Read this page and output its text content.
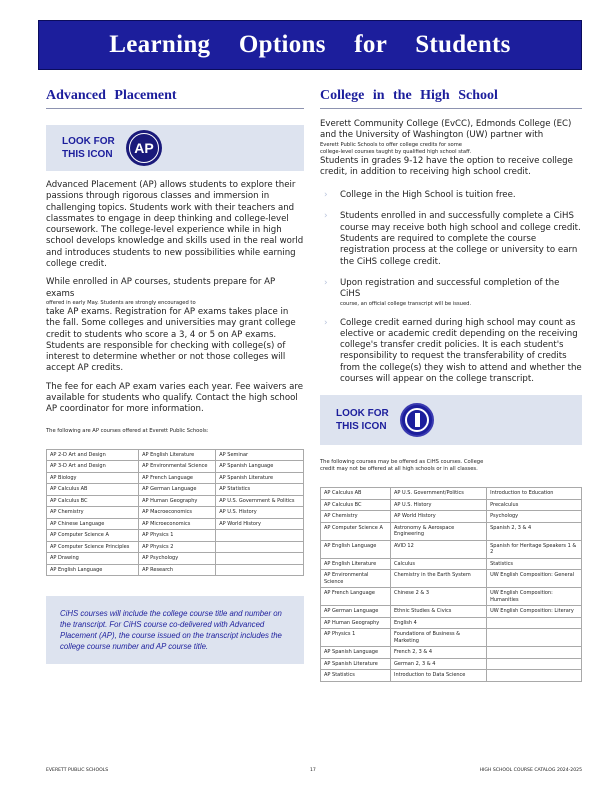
Learning Options for Students
Advanced Placement
LOOK FOR
THIS ICON	AP

Advanced Placement (AP) allows students to explore their passions through rigorous classes and immersion in challenging topics. Students work with their teachers and classmates to engage in deep thinking and college-level coursework. The college-level experience while in high school develops knowledge and skills used in the real world and introduces students to new possibilities while earning college credit.

While enrolled in AP courses, students prepare for AP exams
offered in early May. Students are strongly encouraged to
take AP exams. Registration for AP exams takes place in the fall. Some colleges and universities may grant college credit to students who score a 3, 4 or 5 on AP exams. Students are responsible for checking with college(s) of interest to determine whether or not those colleges will accept AP credits.

The fee for each AP exam varies each year. Fee waivers are available for students who qualify. Contact the high school AP coordinator for more information.

The following are AP courses offered at Everett Public Schools:
AP 2-D Art and Design	AP English Literature	AP Seminar
AP 3-D Art and Design	AP Environmental Science	AP Spanish Language
AP Biology	AP French Language	AP Spanish Literature
AP Calculus AB	AP German Language	AP Statistics
AP Calculus BC	AP Human Geography	AP U.S. Government & Politics
AP Chemistry	AP Macroeconomics	AP U.S. History
AP Chinese Language	AP Microeconomics	AP World History
AP Computer Science A	AP Physics 1	
AP Computer Science Principles	AP Physics 2	
AP Drawing	AP Psychology	
AP English Language	AP Research	

CiHS courses will include the college course title and number on the transcript. For CiHS course co-delivered with Advanced Placement (AP), the course issued on the transcript includes the college course number and AP course title.

College in the High School
Everett Community College (EvCC), Edmonds College (EC) and the University of Washington (UW) partner with
Everett Public Schools to offer college credits for some
college-level courses taught by qualified high school staff.
Students in grades 9-12 have the option to receive college credit, in addition to receiving high school credit.
› College in the High School is tuition free.
› Students enrolled in and successfully complete a CiHS course may receive both high school and college credit. Students are required to complete the course registration process at the college or university to earn the CiHS college credit.
› Upon registration and successful completion of the CiHS
course, an official college transcript will be issued.
› College credit earned during high school may count as elective or academic credit depending on the receiving college's transfer credit policies. It is each student's responsibility to request the transferability of credits from the college(s) they wish to attend and whether the courses will appear on the college transcript.
LOOK FOR
THIS ICON
The following courses may be offered as CiHS courses. College
credit may not be offered at all high schools or in all classes.
AP Calculus AB	AP U.S. Government/Politics	Introduction to Education
AP Calculus BC	AP U.S. History	Precalculus
AP Chemistry	AP World History	Psychology
AP Computer Science A	Astronomy & Aerospace Engineering	Spanish 2, 3 & 4
AP English Language	AVID 12	Spanish for Heritage Speakers 1 & 2
AP English Literature	Calculus	Statistics
AP Environmental Science	Chemistry in the Earth System	UW English Composition: General
AP French Language	Chinese 2 & 3	UW English Composition: Humanities
AP German Language	Ethnic Studies & Civics	UW English Composition: Literary
AP Human Geography	English 4	
AP Physics 1	Foundations of Business & Marketing	
AP Spanish Language	French 2, 3 & 4	
AP Spanish Literature	German 2, 3 & 4	
AP Statistics	Introduction to Data Science	
EVERETT PUBLIC SCHOOLS	17	HIGH SCHOOL COURSE CATALOG 2024-2025
